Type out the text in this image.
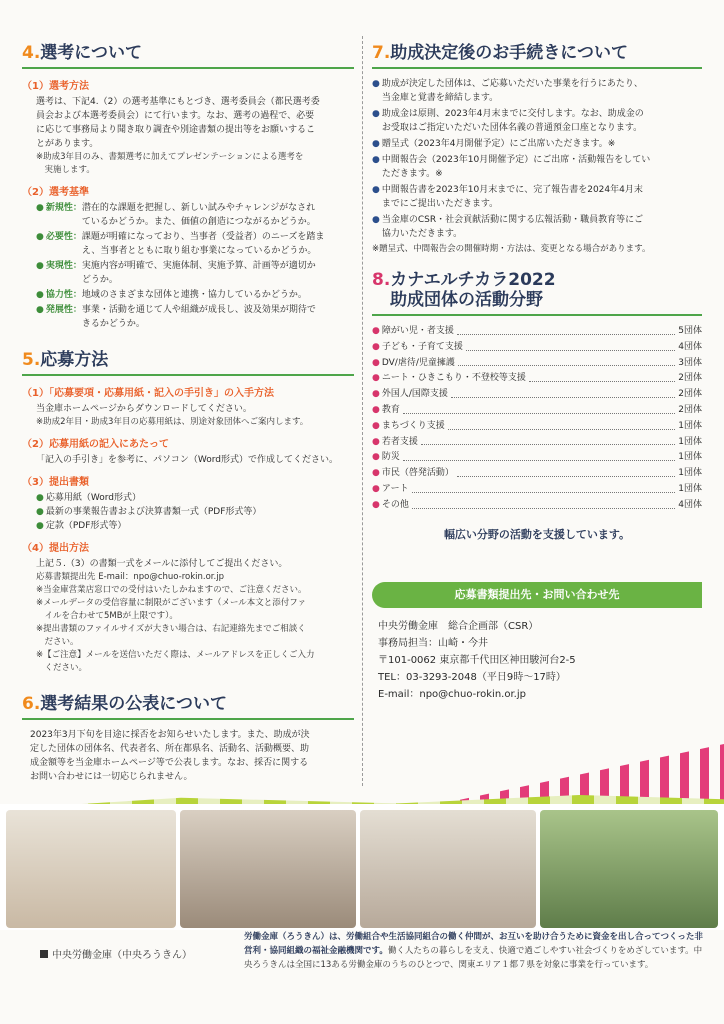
4.選考について
（1）選考方法
選考は、下記4.（2）の選考基準にもとづき、選考委員会（都民選考委
員会および本選考委員会）にて行います。なお、選考の過程で、必要
に応じて事務局より聞き取り調査や別途書類の提出等をお願いするこ
とがあります。
※助成3年目のみ、書類選考に加えてプレゼンテーションによる選考を
　実施します。
（2）選考基準
● 新規性： 潜在的な課題を把握し、新しい試みやチャレンジがなされ
ているかどうか。また、価値の創造につながるかどうか。
● 必要性： 課題が明確になっており、当事者（受益者）のニーズを踏ま
え、当事者とともに取り組む事業になっているかどうか。
● 実現性： 実施内容が明確で、実施体制、実施予算、計画等が適切か
どうか。
● 協力性： 地域のさまざまな団体と連携・協力しているかどうか。
● 発展性： 事業・活動を通じて人や組織が成長し、波及効果が期待で
きるかどうか。
5.応募方法
（1）「応募要項・応募用紙・記入の手引き」の入手方法
当金庫ホームページからダウンロードしてください。
※助成2年目・助成3年目の応募用紙は、別途対象団体へご案内します。
（2）応募用紙の記入にあたって
「記入の手引き」を参考に、パソコン（Word形式）で作成してください。
（3）提出書類
● 応募用紙（Word形式）
● 最新の事業報告書および決算書類一式（PDF形式等）
● 定款（PDF形式等）
（4）提出方法
上記５.（3）の書類一式をメールに添付してご提出ください。
応募書類提出先 E-mail：npo@chuo-rokin.or.jp
※当金庫営業店窓口での受付はいたしかねますので、ご注意ください。
※メールデータの受信容量に制限がございます（メール本文と添付ファ
　イルを合わせて5MBが上限です）。
※提出書類のファイルサイズが大きい場合は、右記連絡先までご相談く
　ださい。
※【ご注意】メールを送信いただく際は、メールアドレスを正しくご入力
　ください。
6.選考結果の公表について
2023年3月下旬を目途に採否をお知らせいたします。また、助成が決
定した団体の団体名、代表者名、所在都県名、活動名、活動概要、助
成金額等を当金庫ホームページ等で公表します。なお、採否に関する
お問い合わせには一切応じられません。
7.助成決定後のお手続きについて
● 助成が決定した団体は、ご応募いただいた事業を行うにあたり、
当金庫と覚書を締結します。
● 助成金は原則、2023年4月末までに交付します。なお、助成金の
お受取はご指定いただいた団体名義の普通預金口座となります。
● 贈呈式（2023年4月開催予定）にご出席いただきます。※
● 中間報告会（2023年10月開催予定）にご出席・活動報告をしてい
ただきます。※
● 中間報告書を2023年10月末までに、完了報告書を2024年4月末
までにご提出いただきます。
● 当金庫のCSR・社会貢献活動に関する広報活動・職員教育等にご
協力いただきます。
※贈呈式、中間報告会の開催時期・方法は、変更となる場合があります。
8.カナエルチカラ2022
助成団体の活動分野
● 障がい児・者支援	5団体
● 子ども・子育て支援	4団体
● DV/虐待/児童擁護	3団体
● ニート・ひきこもり・不登校等支援	2団体
● 外国人/国際支援	2団体
● 教育	2団体
● まちづくり支援	1団体
● 若者支援	1団体
● 防災	1団体
● 市民（啓発活動）	1団体
● アート	1団体
● その他	4団体
幅広い分野の活動を支援しています。
応募書類提出先・お問い合わせ先
中央労働金庫　総合企画部（CSR）
事務局担当：山崎・今井
〒101-0062 東京都千代田区神田駿河台2-5
TEL：03-3293-2048（平日9時〜17時）
E-mail：npo@chuo-rokin.or.jp
中央労働金庫（中央ろうきん）
労働金庫（ろうきん）は、労働組合や生活協同組合の働く仲間が、お互いを助け合うために資金を出し合ってつくった非営利・協同組織の福祉金融機関です。働く人たちの暮らしを支え、快適で過ごしやすい社会づくりをめざしています。中央ろうきんは全国に13ある労働金庫のうちのひとつで、関東エリア１都７県を対象に事業を行っています。
